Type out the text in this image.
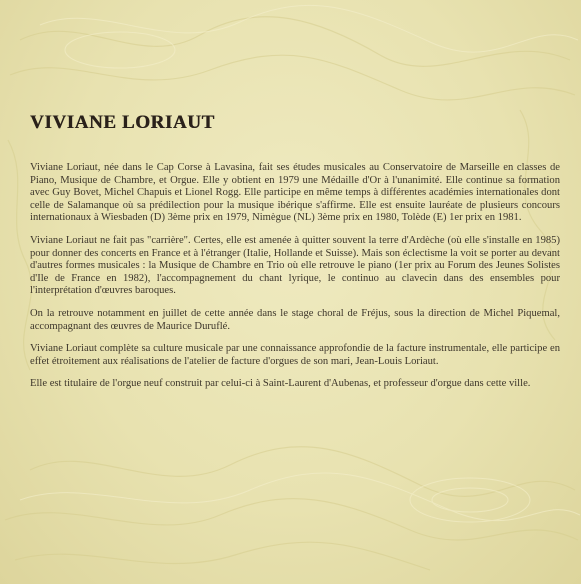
VIVIANE LORIAUT

Viviane Loriaut, née dans le Cap Corse à Lavasina, fait ses études musicales au Conservatoire de Marseille en classes de Piano, Musique de Chambre, et Orgue. Elle y obtient en 1979 une Médaille d'Or à l'unanimité. Elle continue sa formation avec Guy Bovet, Michel Chapuis et Lionel Rogg. Elle participe en même temps à différentes académies internationales dont celle de Salamanque où sa prédilection pour la musique ibérique s'affirme. Elle est ensuite lauréate de plusieurs concours internationaux à Wiesbaden (D) 3ème prix en 1979, Nimègue (NL) 3ème prix en 1980, Tolède (E) 1er prix en 1981.

Viviane Loriaut ne fait pas "carrière". Certes, elle est amenée à quitter souvent la terre d'Ardèche (où elle s'installe en 1985) pour donner des concerts en France et à l'étranger (Italie, Hollande et Suisse). Mais son éclectisme la voit se porter au devant d'autres formes musicales : la Musique de Chambre en Trio où elle retrouve le piano (1er prix au Forum des Jeunes Solistes d'Ile de France en 1982), l'accompagnement du chant lyrique, le continuo au clavecin dans des ensembles pour l'interprétation d'œuvres baroques.

On la retrouve notamment en juillet de cette année dans le stage choral de Fréjus, sous la direction de Michel Piquemal, accompagnant des œuvres de Maurice Duruflé.

Viviane Loriaut complète sa culture musicale par une connaissance approfondie de la facture instrumentale, elle participe en effet étroitement aux réalisations de l'atelier de facture d'orgues de son mari, Jean-Louis Loriaut.

Elle est titulaire de l'orgue neuf construit par celui-ci à Saint-Laurent d'Aubenas, et professeur d'orgue dans cette ville.
